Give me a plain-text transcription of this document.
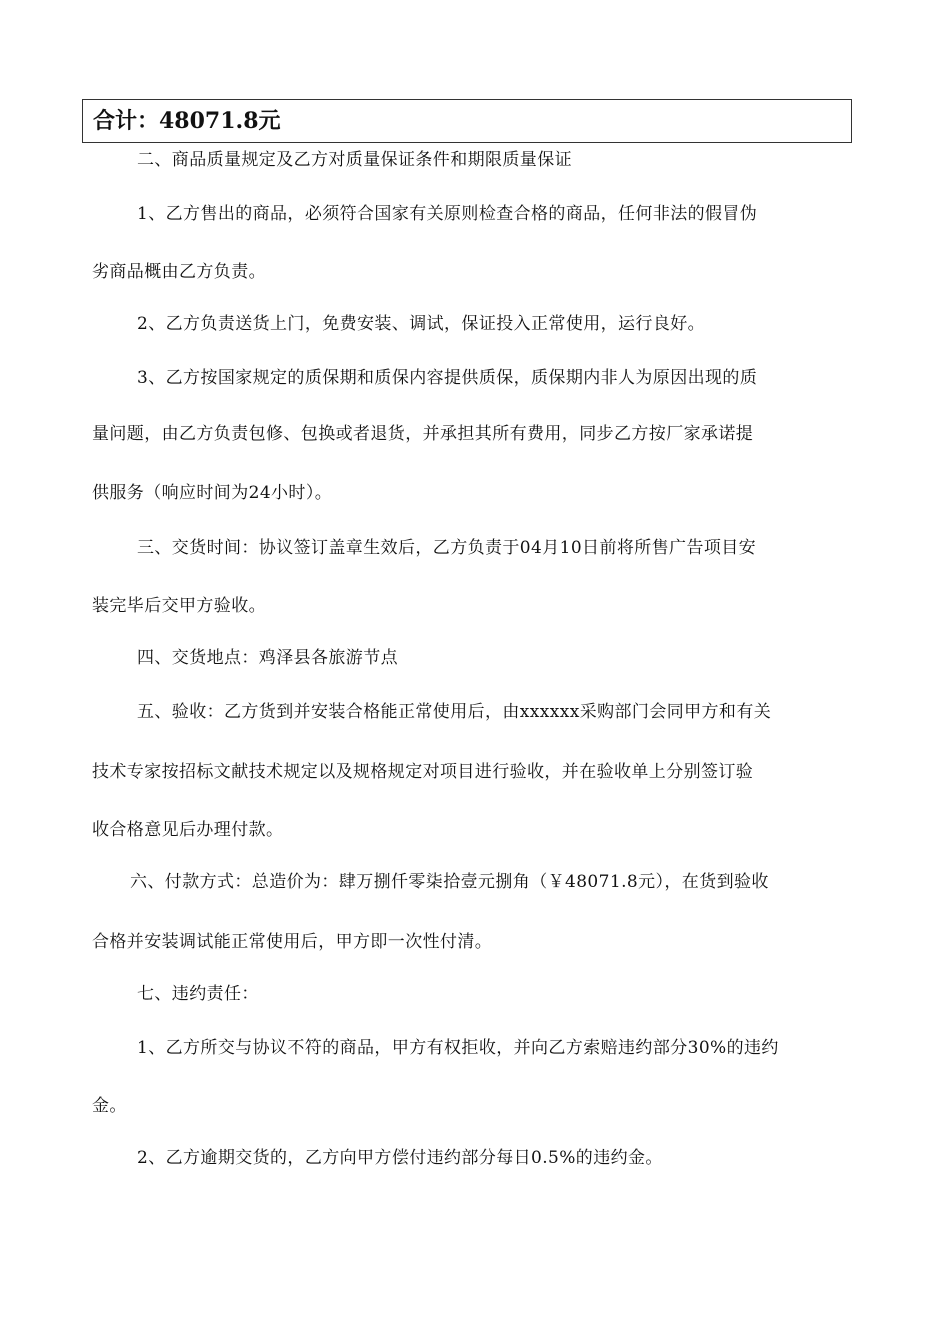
合计：48071.8元
二、商品质量规定及乙方对质量保证条件和期限质量保证
1、乙方售出的商品，必须符合国家有关原则检查合格的商品，任何非法的假冒伪
劣商品概由乙方负责。
2、乙方负责送货上门，免费安装、调试，保证投入正常使用，运行良好。
3、乙方按国家规定的质保期和质保内容提供质保，质保期内非人为原因出现的质
量问题，由乙方负责包修、包换或者退货，并承担其所有费用，同步乙方按厂家承诺提
供服务（响应时间为24小时）。
三、交货时间：协议签订盖章生效后，乙方负责于04月10日前将所售广告项目安
装完毕后交甲方验收。
四、交货地点：鸡泽县各旅游节点
五、验收：乙方货到并安装合格能正常使用后，由xxxxxx采购部门会同甲方和有关
技术专家按招标文献技术规定以及规格规定对项目进行验收，并在验收单上分别签订验
收合格意见后办理付款。
六、付款方式：总造价为：肆万捌仟零柒拾壹元捌角（￥48071.8元），在货到验收
合格并安装调试能正常使用后，甲方即一次性付清。
七、违约责任：
1、乙方所交与协议不符的商品，甲方有权拒收，并向乙方索赔违约部分30%的违约
金。
2、乙方逾期交货的，乙方向甲方偿付违约部分每日0.5%的违约金。
